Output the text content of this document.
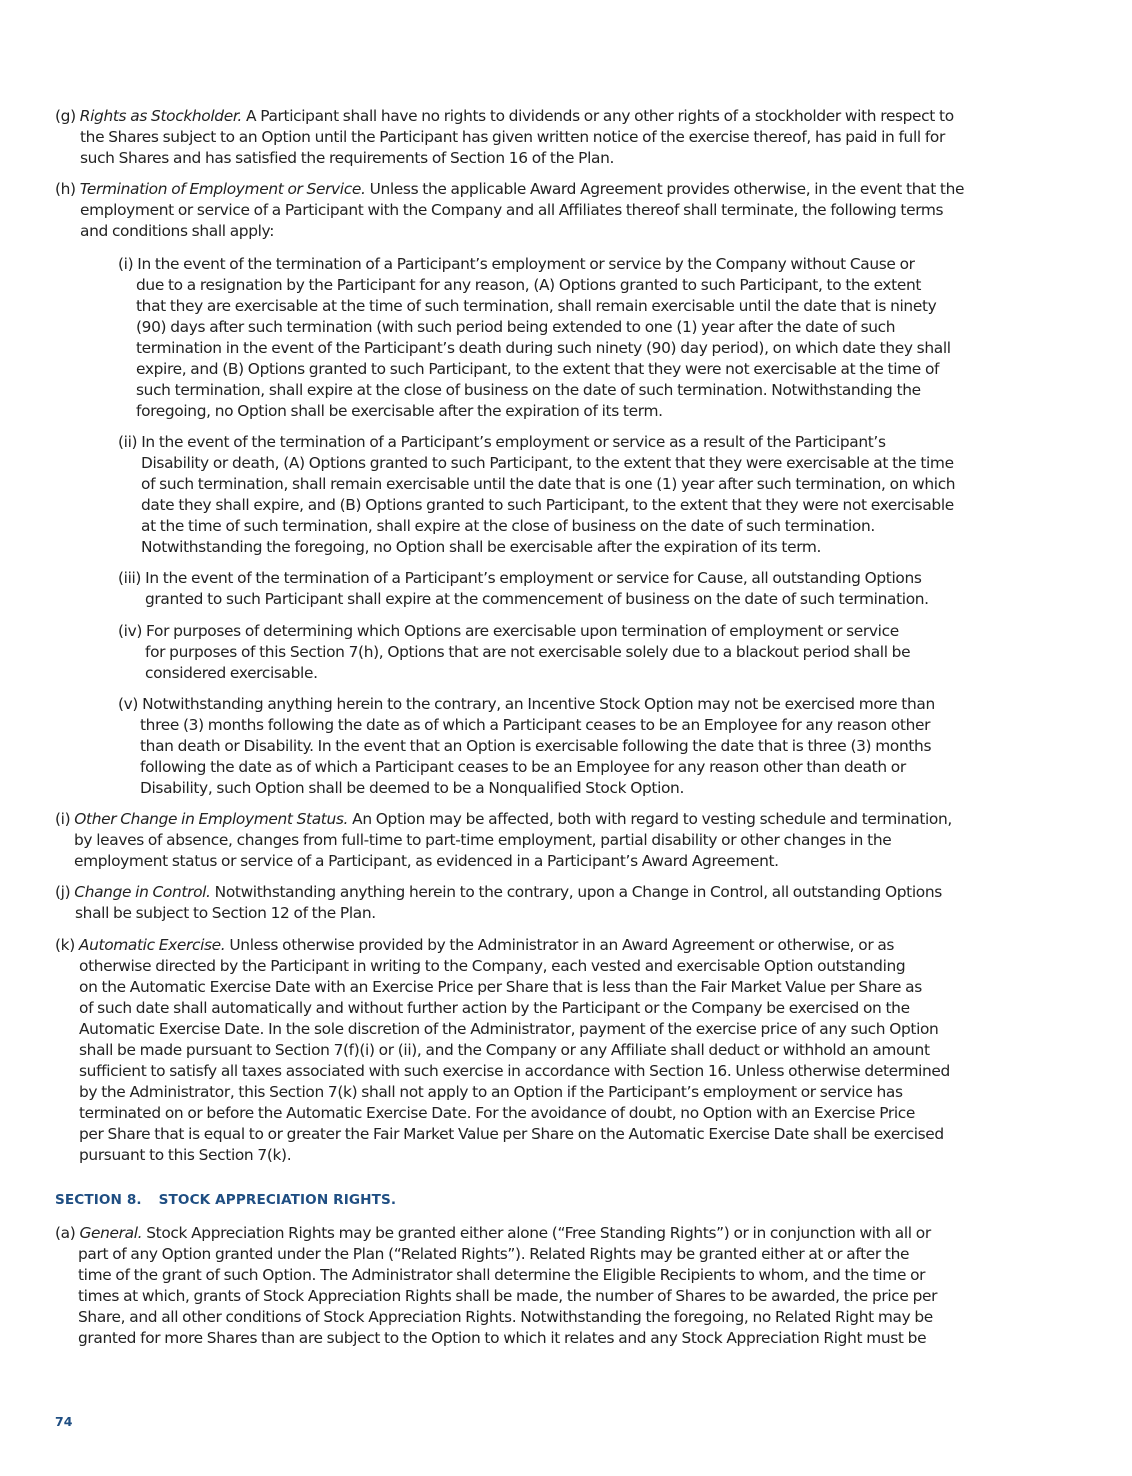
(g) Rights as Stockholder. A Participant shall have no rights to dividends or any other rights of a stockholder with respect to
the Shares subject to an Option until the Participant has given written notice of the exercise thereof, has paid in full for
such Shares and has satisfied the requirements of Section 16 of the Plan.
(h) Termination of Employment or Service. Unless the applicable Award Agreement provides otherwise, in the event that the
employment or service of a Participant with the Company and all Affiliates thereof shall terminate, the following terms
and conditions shall apply:
(i) In the event of the termination of a Participant’s employment or service by the Company without Cause or
due to a resignation by the Participant for any reason, (A) Options granted to such Participant, to the extent
that they are exercisable at the time of such termination, shall remain exercisable until the date that is ninety
(90) days after such termination (with such period being extended to one (1) year after the date of such
termination in the event of the Participant’s death during such ninety (90) day period), on which date they shall
expire, and (B) Options granted to such Participant, to the extent that they were not exercisable at the time of
such termination, shall expire at the close of business on the date of such termination. Notwithstanding the
foregoing, no Option shall be exercisable after the expiration of its term.
(ii) In the event of the termination of a Participant’s employment or service as a result of the Participant’s
Disability or death, (A) Options granted to such Participant, to the extent that they were exercisable at the time
of such termination, shall remain exercisable until the date that is one (1) year after such termination, on which
date they shall expire, and (B) Options granted to such Participant, to the extent that they were not exercisable
at the time of such termination, shall expire at the close of business on the date of such termination.
Notwithstanding the foregoing, no Option shall be exercisable after the expiration of its term.
(iii) In the event of the termination of a Participant’s employment or service for Cause, all outstanding Options
granted to such Participant shall expire at the commencement of business on the date of such termination.
(iv) For purposes of determining which Options are exercisable upon termination of employment or service
for purposes of this Section 7(h), Options that are not exercisable solely due to a blackout period shall be
considered exercisable.
(v) Notwithstanding anything herein to the contrary, an Incentive Stock Option may not be exercised more than
three (3) months following the date as of which a Participant ceases to be an Employee for any reason other
than death or Disability. In the event that an Option is exercisable following the date that is three (3) months
following the date as of which a Participant ceases to be an Employee for any reason other than death or
Disability, such Option shall be deemed to be a Nonqualified Stock Option.
(i) Other Change in Employment Status. An Option may be affected, both with regard to vesting schedule and termination,
by leaves of absence, changes from full-time to part-time employment, partial disability or other changes in the
employment status or service of a Participant, as evidenced in a Participant’s Award Agreement.
(j) Change in Control. Notwithstanding anything herein to the contrary, upon a Change in Control, all outstanding Options
shall be subject to Section 12 of the Plan.
(k) Automatic Exercise. Unless otherwise provided by the Administrator in an Award Agreement or otherwise, or as
otherwise directed by the Participant in writing to the Company, each vested and exercisable Option outstanding
on the Automatic Exercise Date with an Exercise Price per Share that is less than the Fair Market Value per Share as
of such date shall automatically and without further action by the Participant or the Company be exercised on the
Automatic Exercise Date. In the sole discretion of the Administrator, payment of the exercise price of any such Option
shall be made pursuant to Section 7(f)(i) or (ii), and the Company or any Affiliate shall deduct or withhold an amount
sufficient to satisfy all taxes associated with such exercise in accordance with Section 16. Unless otherwise determined
by the Administrator, this Section 7(k) shall not apply to an Option if the Participant’s employment or service has
terminated on or before the Automatic Exercise Date. For the avoidance of doubt, no Option with an Exercise Price
per Share that is equal to or greater the Fair Market Value per Share on the Automatic Exercise Date shall be exercised
pursuant to this Section 7(k).
SECTION 8. STOCK APPRECIATION RIGHTS.
(a) General. Stock Appreciation Rights may be granted either alone (“Free Standing Rights”) or in conjunction with all or
part of any Option granted under the Plan (“Related Rights”). Related Rights may be granted either at or after the
time of the grant of such Option. The Administrator shall determine the Eligible Recipients to whom, and the time or
times at which, grants of Stock Appreciation Rights shall be made, the number of Shares to be awarded, the price per
Share, and all other conditions of Stock Appreciation Rights. Notwithstanding the foregoing, no Related Right may be
granted for more Shares than are subject to the Option to which it relates and any Stock Appreciation Right must be
74
